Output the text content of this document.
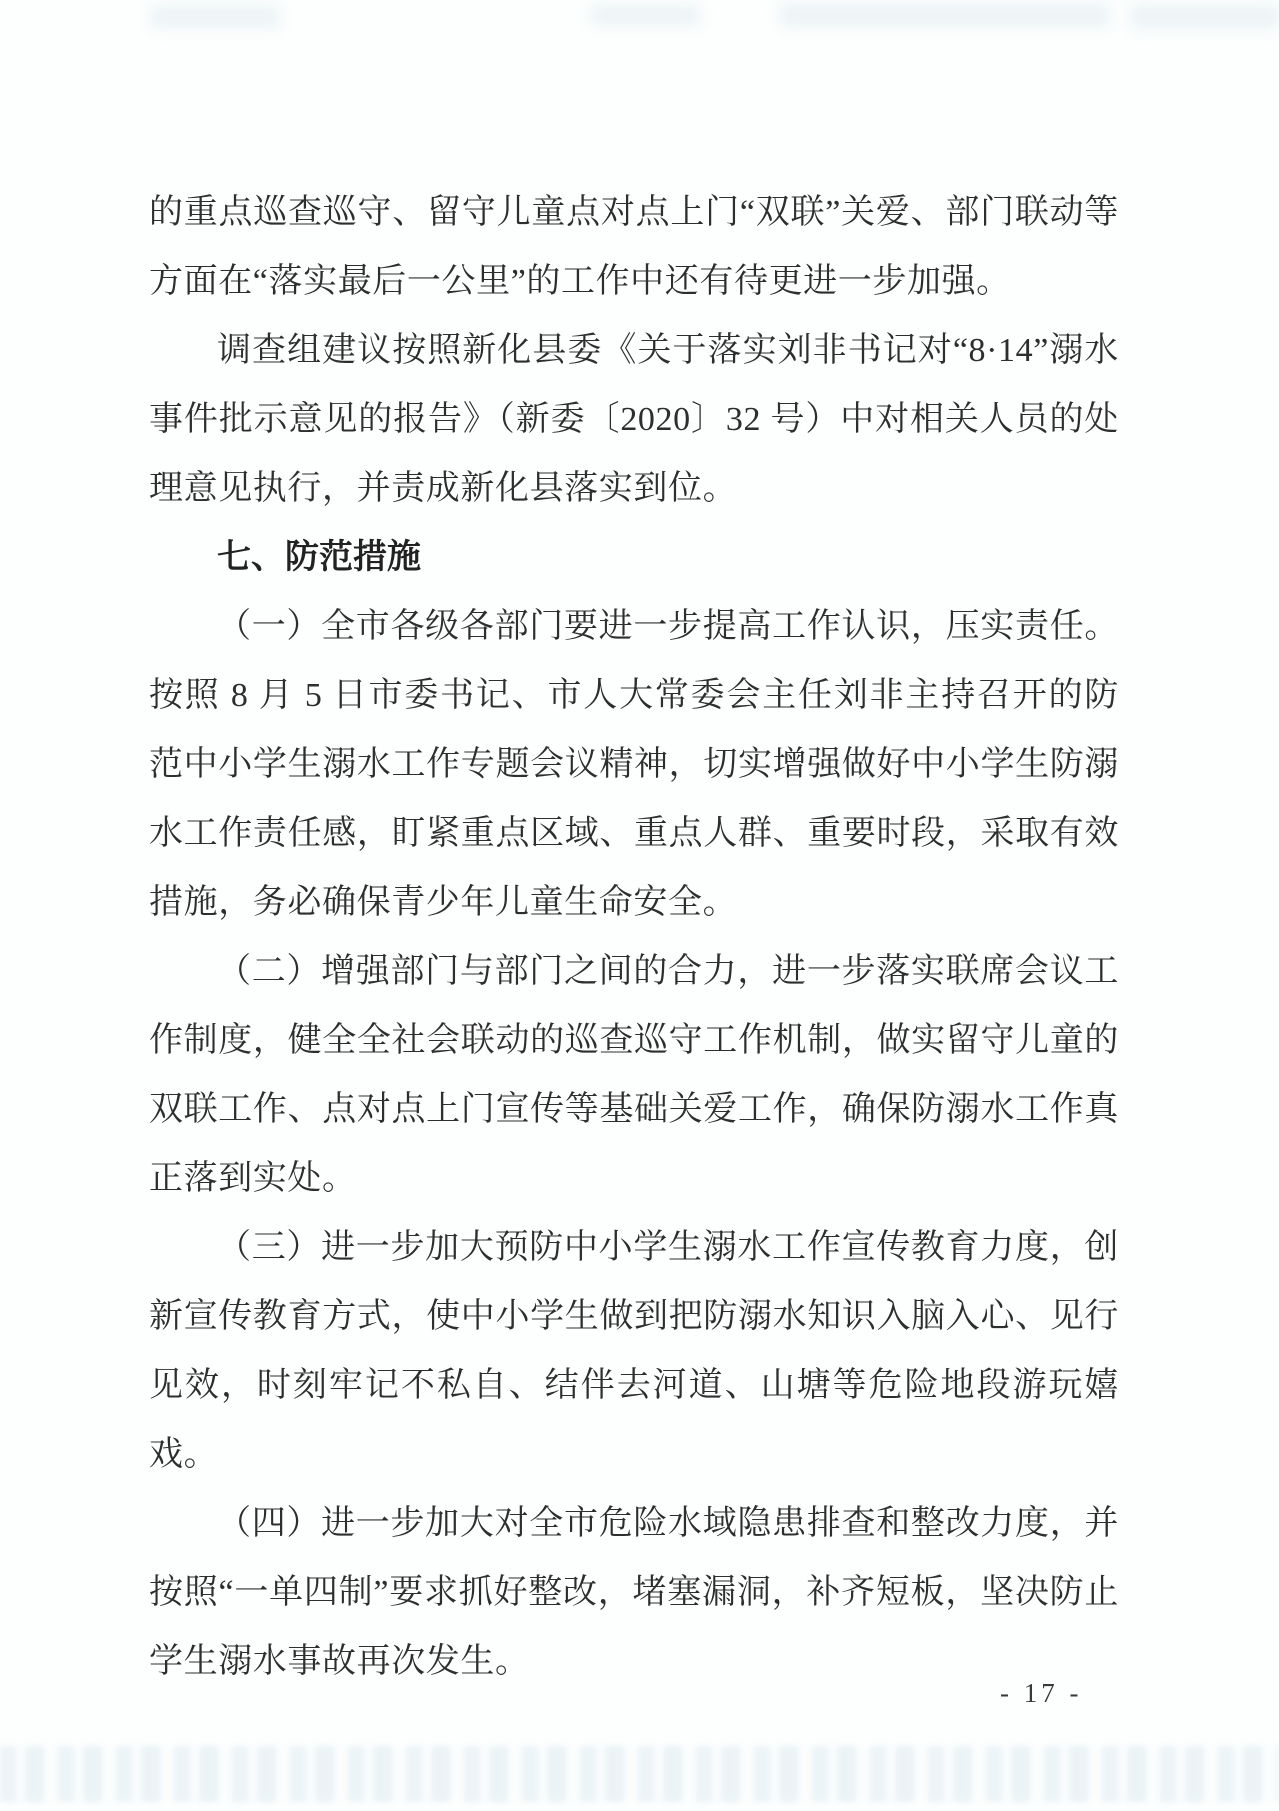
的重点巡查巡守、留守儿童点对点上门“双联”关爱、部门联动等方面在“落实最后一公里”的工作中还有待更进一步加强。

调查组建议按照新化县委《关于落实刘非书记对“8·14”溺水事件批示意见的报告》（新委〔2020〕32 号）中对相关人员的处理意见执行，并责成新化县落实到位。

七、防范措施

（一）全市各级各部门要进一步提高工作认识，压实责任。按照 8 月 5 日市委书记、市人大常委会主任刘非主持召开的防范中小学生溺水工作专题会议精神，切实增强做好中小学生防溺水工作责任感，盯紧重点区域、重点人群、重要时段，采取有效措施，务必确保青少年儿童生命安全。

（二）增强部门与部门之间的合力，进一步落实联席会议工作制度，健全全社会联动的巡查巡守工作机制，做实留守儿童的双联工作、点对点上门宣传等基础关爱工作，确保防溺水工作真正落到实处。

（三）进一步加大预防中小学生溺水工作宣传教育力度，创新宣传教育方式，使中小学生做到把防溺水知识入脑入心、见行见效，时刻牢记不私自、结伴去河道、山塘等危险地段游玩嬉戏。

（四）进一步加大对全市危险水域隐患排查和整改力度，并按照“一单四制”要求抓好整改，堵塞漏洞，补齐短板，坚决防止学生溺水事故再次发生。

- 17 -
